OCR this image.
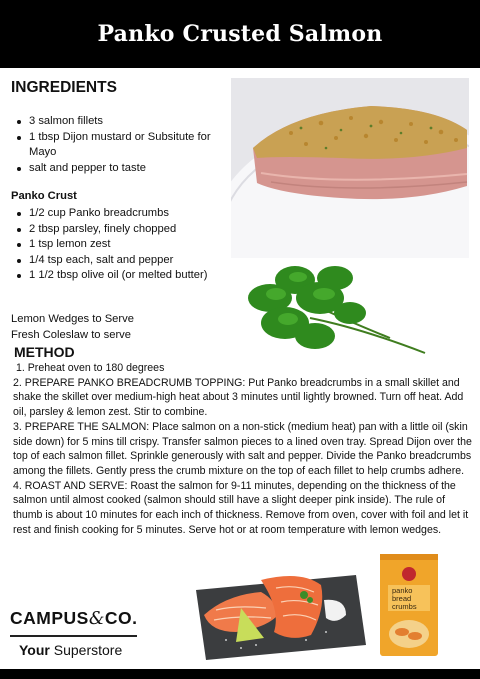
Panko Crusted Salmon
INGREDIENTS
3 salmon fillets
1 tbsp Dijon mustard or Subsitute for Mayo
salt and pepper to taste
Panko Crust
1/2 cup Panko breadcrumbs
2 tbsp parsley, finely chopped
1 tsp lemon zest
1/4 tsp each, salt and pepper
1 1/2 tbsp olive oil (or melted butter)
Lemon Wedges to Serve
Fresh Coleslaw to serve
METHOD

1. Preheat oven to 180 degrees

2. PREPARE PANKO BREADCRUMB TOPPING: Put Panko breadcrumbs in a small skillet and shake the skillet over medium-high heat about 3 minutes until lightly browned. Turn off heat. Add oil, parsley & lemon zest. Stir to combine.

3. PREPARE THE SALMON: Place salmon on a non-stick (medium heat) pan with a little oil (skin side down) for 5 mins till crispy. Transfer salmon pieces to a lined oven tray. Spread Dijon over the top of each salmon fillet. Sprinkle generously with salt and pepper. Divide the Panko breadcrumbs among the fillets. Gently press the crumb mixture on the top of each fillet to help crumbs adhere.

4. ROAST AND SERVE: Roast the salmon for 9-11 minutes, depending on the thickness of the salmon until almost cooked (salmon should still have a slight deeper pink inside). The rule of thumb is about 10 minutes for each inch of thickness. Remove from oven, cover with foil and let it rest and finish cooking for 5 minutes. Serve hot or at room temperature with lemon wedges.

panko bread crumbs
CAMPUS&CO.
Your Superstore
